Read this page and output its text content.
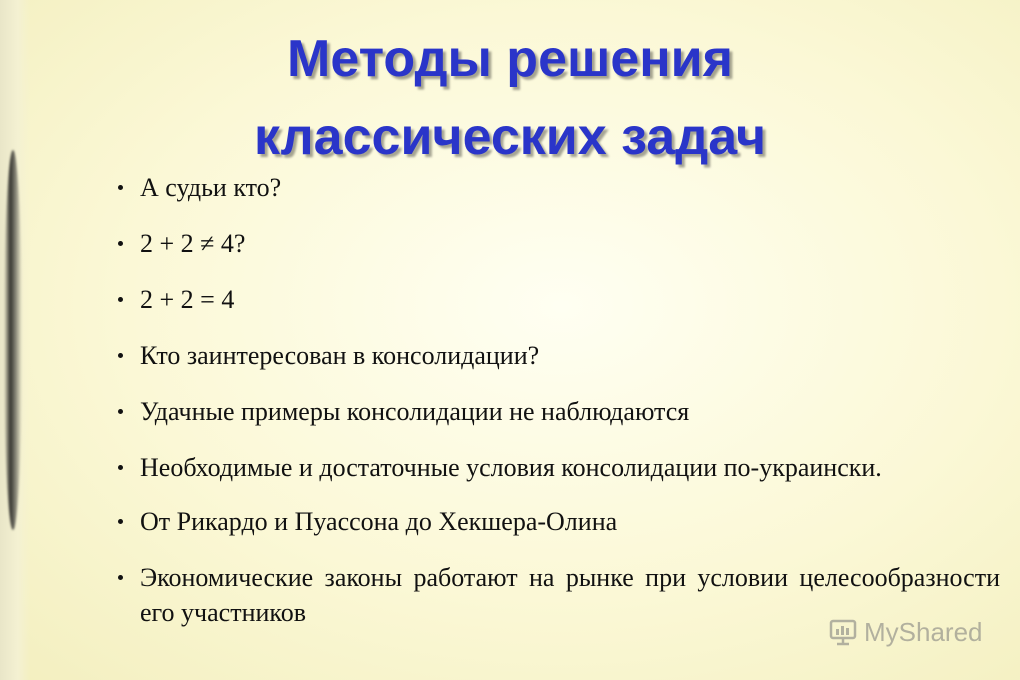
Методы решения
классических задач
А судьи кто?
2 + 2 ≠ 4?
2 + 2 = 4
Кто заинтересован в консолидации?
Удачные примеры консолидации не наблюдаются
Необходимые и достаточные условия консолидации по-украински.
От Рикардо и Пуассона до Хекшера-Олина
Экономические законы работают на рынке при условии целесообразности его участников
MyShared
